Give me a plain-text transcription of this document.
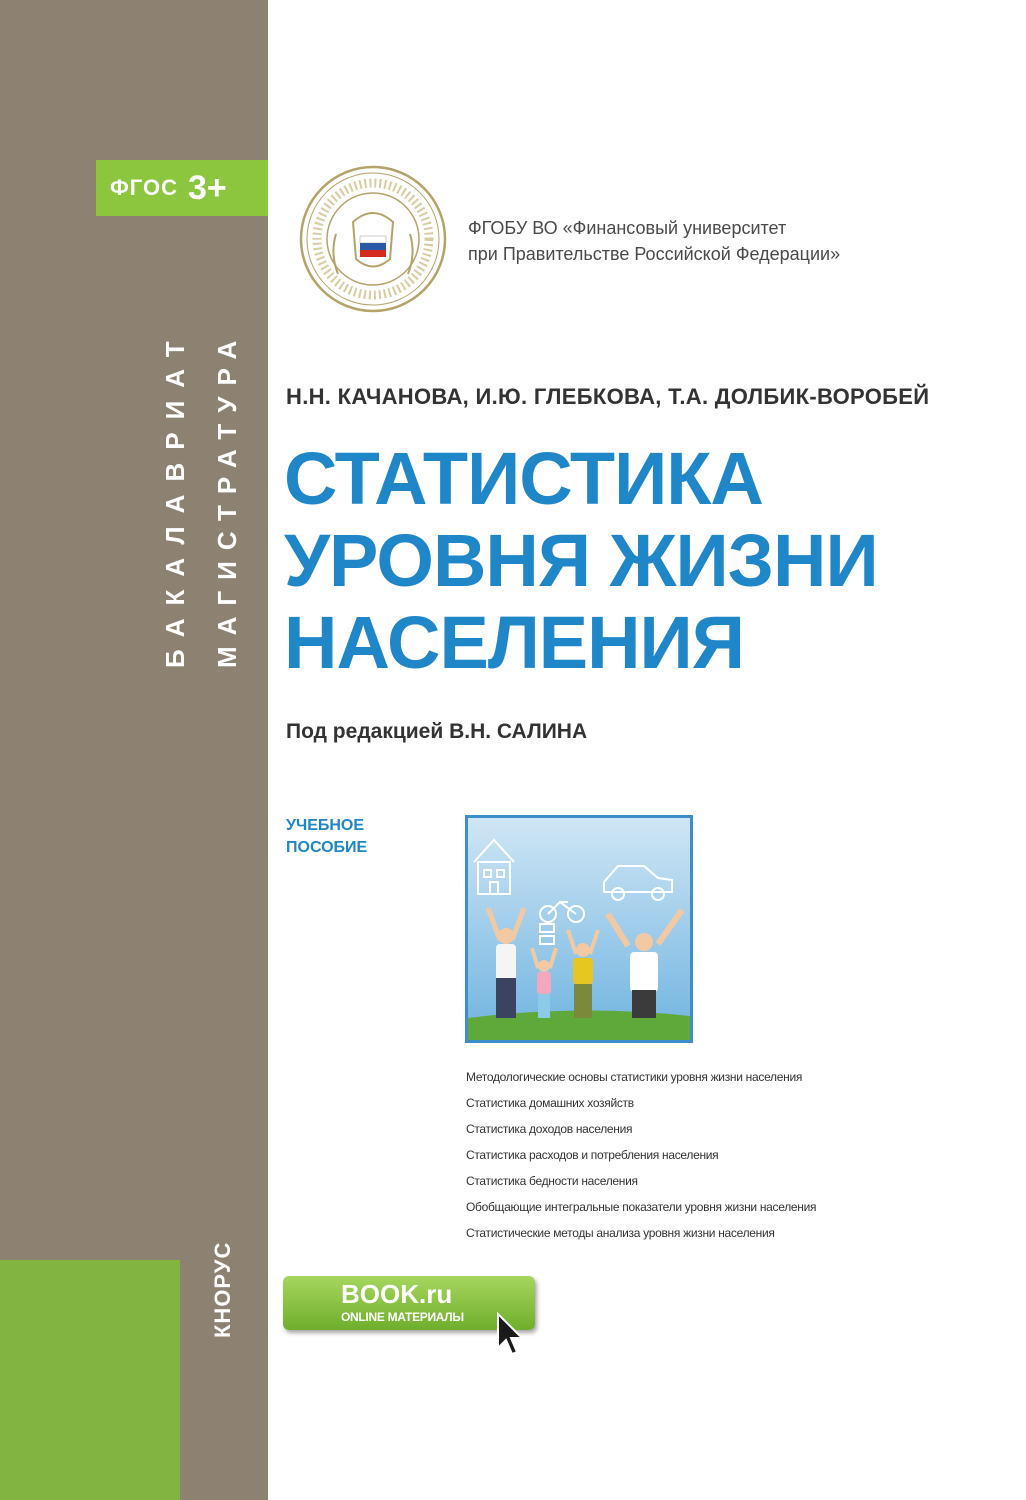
ФГОС 3+
БАКАЛАВРИАТ МАГИСТРАТУРА
КНОРУС
ФГОБУ ВО «Финансовый университет
при Правительстве Российской Федерации»
Н.Н. КАЧАНОВА, И.Ю. ГЛЕБКОВА, Т.А. ДОЛБИК-ВОРОБЕЙ
СТАТИСТИКА
УРОВНЯ ЖИЗНИ
НАСЕЛЕНИЯ
Под редакцией В.Н. САЛИНА
УЧЕБНОЕ
ПОСОБИЕ
Методологические основы статистики уровня жизни населения
Статистика домашних хозяйств
Статистика доходов населения
Статистика расходов и потребления населения
Статистика бедности населения
Обобщающие интегральные показатели уровня жизни населения
Статистические методы анализа уровня жизни населения
BOOK.ru
ONLINE МАТЕРИАЛЫ
